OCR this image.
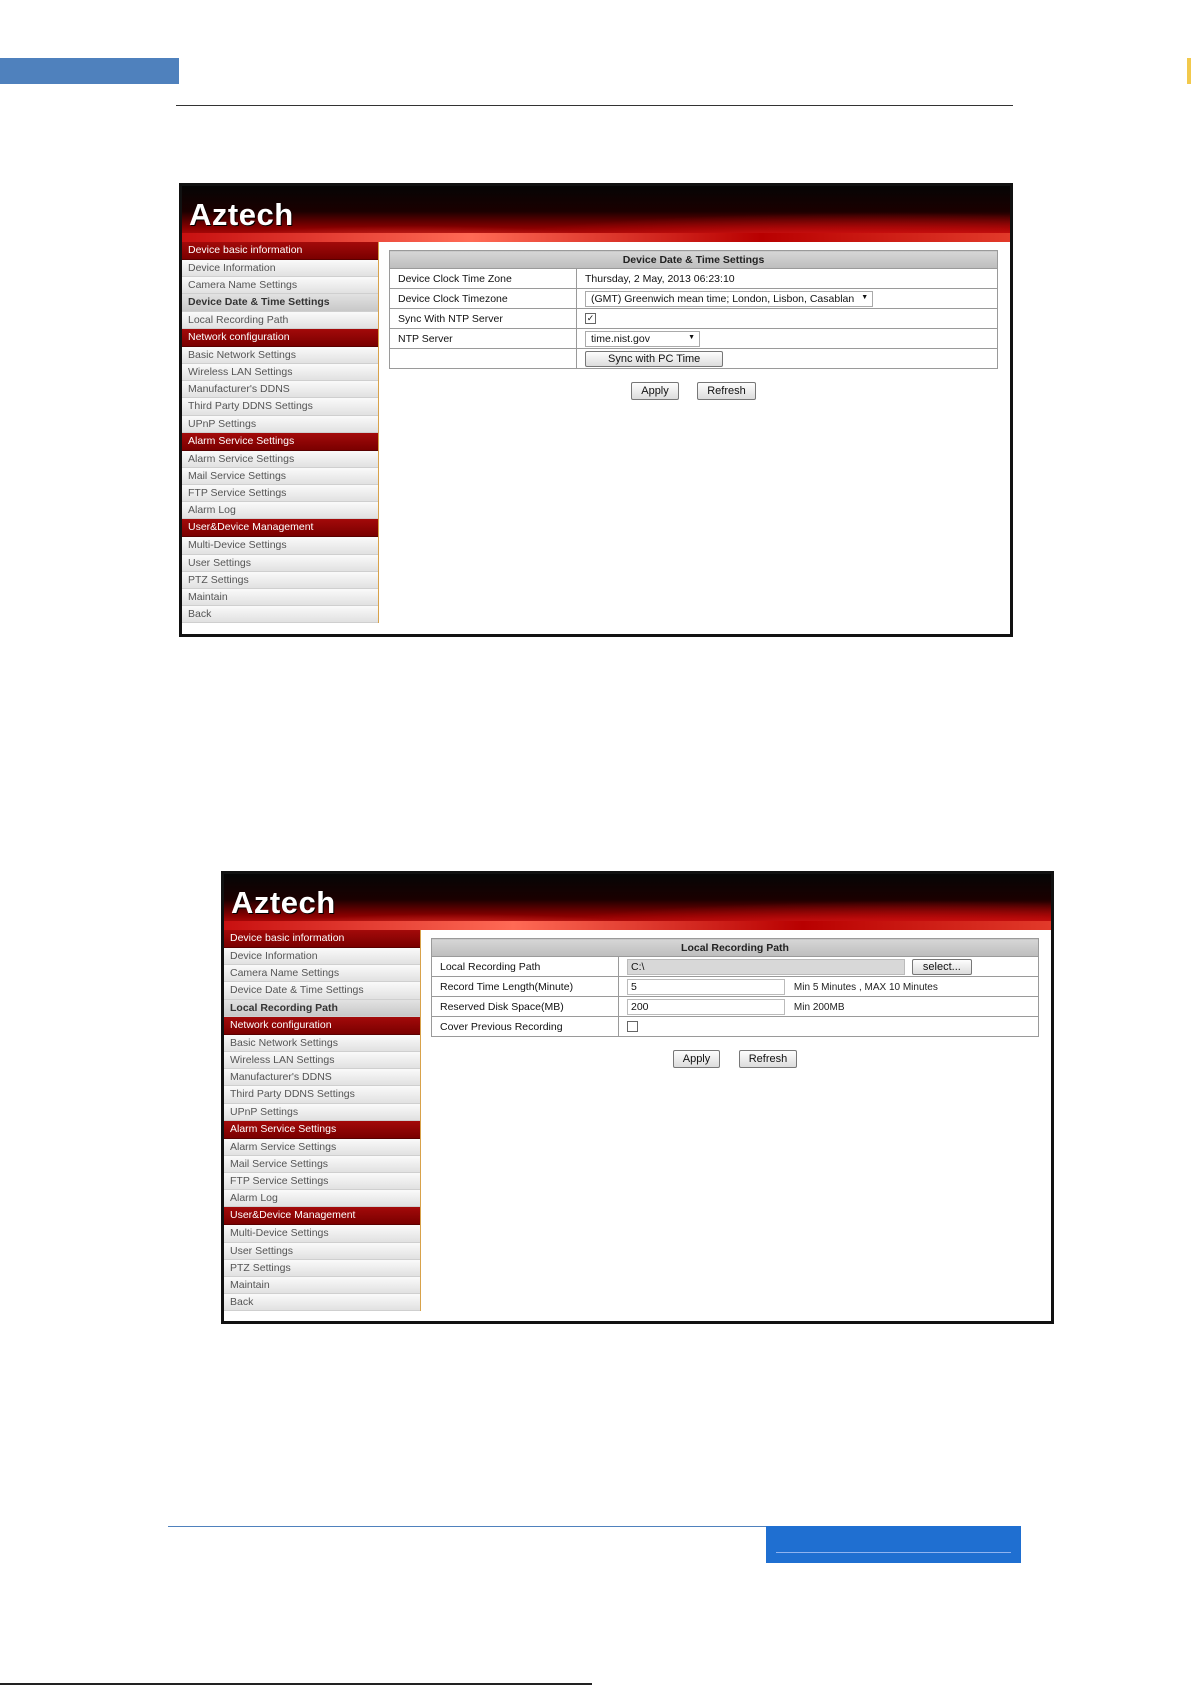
Aztech
Device basic information
Device Information
Camera Name Settings
Device Date & Time Settings
Local Recording Path
Network configuration
Basic Network Settings
Wireless LAN Settings
Manufacturer's DDNS
Third Party DDNS Settings
UPnP Settings
Alarm Service Settings
Alarm Service Settings
Mail Service Settings
FTP Service Settings
Alarm Log
User&Device Management
Multi-Device Settings
User Settings
PTZ Settings
Maintain
Back
Device Date & Time Settings	
Device Clock Time Zone	Thursday, 2 May, 2013 06:23:10
Device Clock Timezone	(GMT) Greenwich mean time; London, Lisbon, Casablan ▼
Sync With NTP Server	✓
NTP Server	time.nist.gov ▼
	Sync with PC Time
Apply	Refresh
Aztech
Device basic information
Device Information
Camera Name Settings
Device Date & Time Settings
Local Recording Path
Network configuration
Basic Network Settings
Wireless LAN Settings
Manufacturer's DDNS
Third Party DDNS Settings
UPnP Settings
Alarm Service Settings
Alarm Service Settings
Mail Service Settings
FTP Service Settings
Alarm Log
User&Device Management
Multi-Device Settings
User Settings
PTZ Settings
Maintain
Back
Local Recording Path	
Local Recording Path	C:\ select...
Record Time Length(Minute)	5 Min 5 Minutes , MAX 10 Minutes
Reserved Disk Space(MB)	200 Min 200MB
Cover Previous Recording	
Apply	Refresh
